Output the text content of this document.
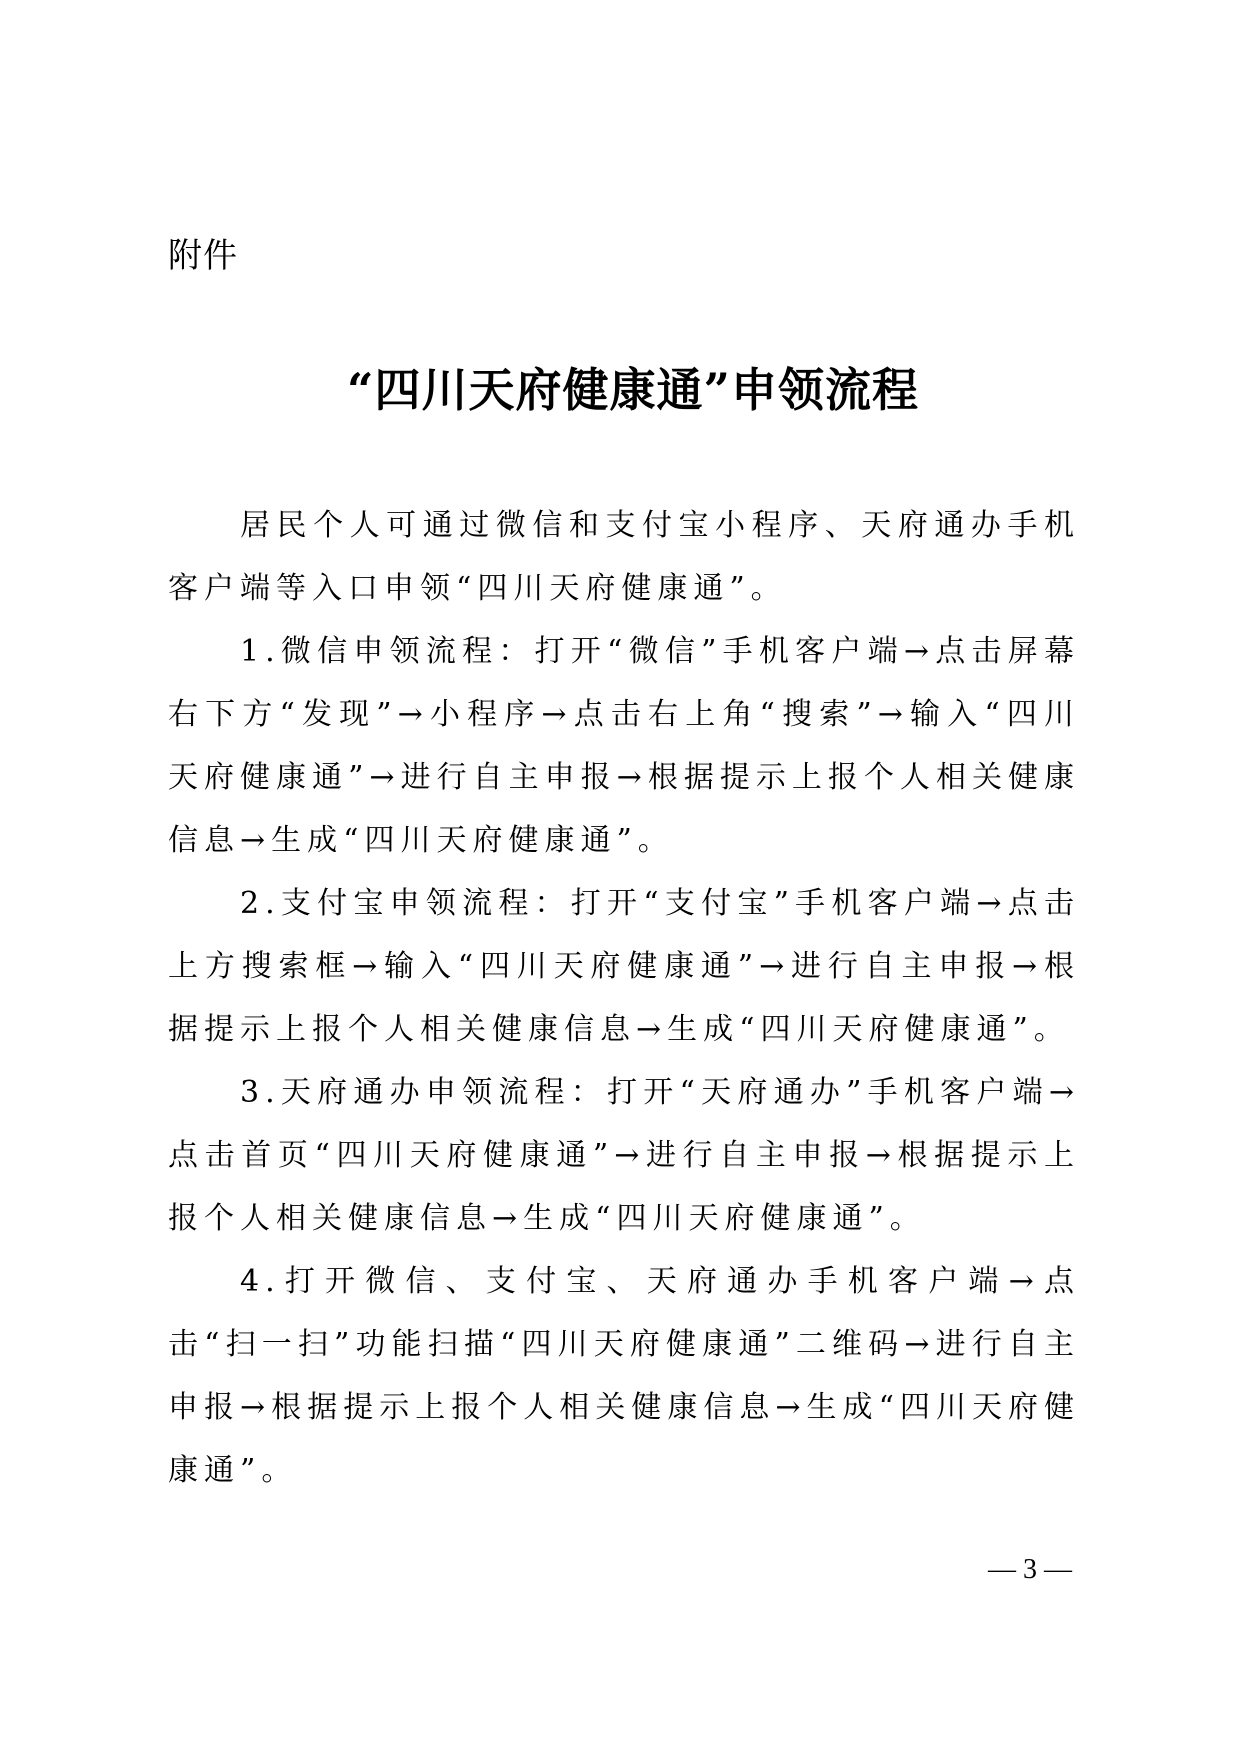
附件
“四川天府健康通”申领流程

居民个人可通过微信和支付宝小程序、天府通办手机客户端等入口申领“四川天府健康通”。

1.微信申领流程：打开“微信”手机客户端→点击屏幕右下方“发现”→小程序→点击右上角“搜索”→输入“四川天府健康通”→进行自主申报→根据提示上报个人相关健康信息→生成“四川天府健康通”。

2.支付宝申领流程：打开“支付宝”手机客户端→点击上方搜索框→输入“四川天府健康通”→进行自主申报→根据提示上报个人相关健康信息→生成“四川天府健康通”。

3.天府通办申领流程：打开“天府通办”手机客户端→点击首页“四川天府健康通”→进行自主申报→根据提示上报个人相关健康信息→生成“四川天府健康通”。

4.打开微信、支付宝、天府通办手机客户端→点击“扫一扫”功能扫描“四川天府健康通”二维码→进行自主申报→根据提示上报个人相关健康信息→生成“四川天府健康通”。

— 3 —
